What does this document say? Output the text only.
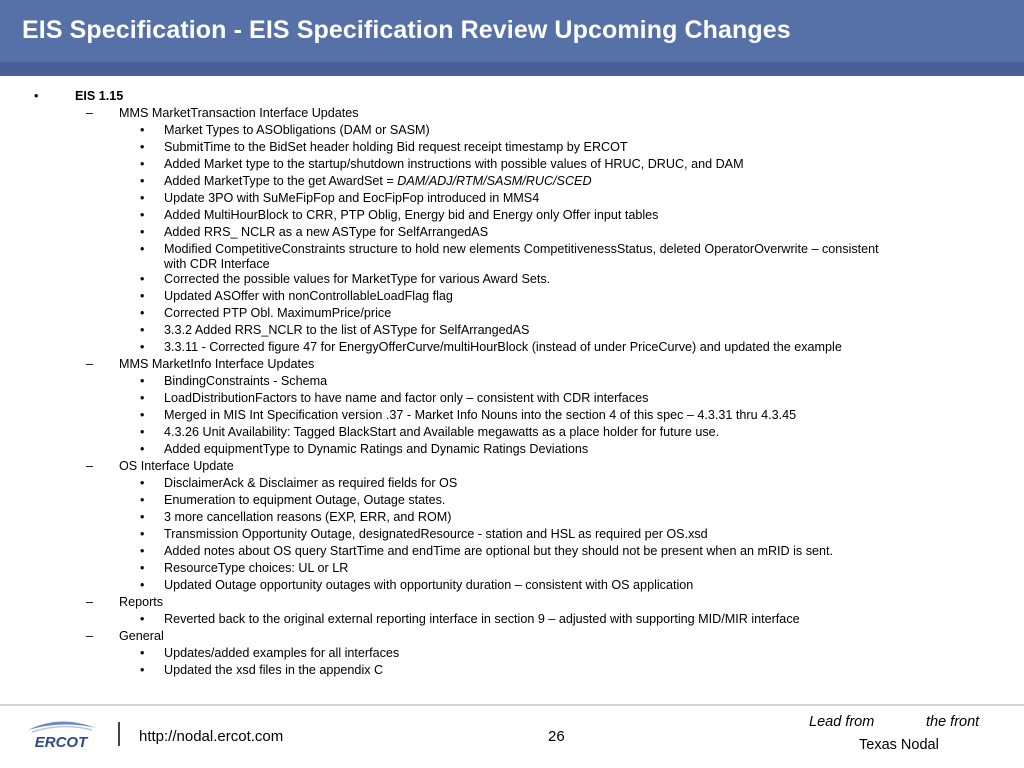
EIS Specification - EIS Specification Review Upcoming Changes
•	EIS 1.15
– MMS MarketTransaction Interface Updates
• Market Types to ASObligations (DAM or SASM)
• SubmitTime to the BidSet header holding Bid request receipt timestamp by ERCOT
• Added Market type to the startup/shutdown instructions with possible values of HRUC, DRUC, and DAM
• Added MarketType to the get AwardSet = DAM/ADJ/RTM/SASM/RUC/SCED
• Update 3PO with SuMeFipFop and EocFipFop introduced in MMS4
• Added MultiHourBlock to CRR, PTP Oblig, Energy bid and Energy only Offer input tables
• Added RRS_ NCLR as a new ASType for SelfArrangedAS
• Modified CompetitiveConstraints structure to hold new elements CompetitivenessStatus, deleted OperatorOverwrite – consistent
with CDR Interface
• Corrected the possible values for MarketType for various Award Sets.
• Updated ASOffer with nonControllableLoadFlag flag
• Corrected PTP Obl. MaximumPrice/price
• 3.3.2 Added RRS_NCLR to the list of ASType for SelfArrangedAS
• 3.3.11 - Corrected figure 47 for EnergyOfferCurve/multiHourBlock (instead of under PriceCurve) and updated the example
– MMS MarketInfo Interface Updates
• BindingConstraints - Schema
• LoadDistributionFactors to have name and factor only – consistent with CDR interfaces
• Merged in MIS Int Specification version .37 - Market Info Nouns into the section 4 of this spec – 4.3.31 thru 4.3.45
• 4.3.26 Unit Availability: Tagged BlackStart and Available megawatts as a place holder for future use.
• Added equipmentType to Dynamic Ratings and Dynamic Ratings Deviations
– OS Interface Update
• DisclaimerAck & Disclaimer as required fields for OS
• Enumeration to equipment Outage, Outage states.
• 3 more cancellation reasons (EXP, ERR, and ROM)
• Transmission Opportunity Outage, designatedResource - station and HSL as required per OS.xsd
• Added notes about OS query StartTime and endTime are optional but they should not be present when an mRID is sent.
• ResourceType choices: UL or LR
• Updated Outage opportunity outages with opportunity duration – consistent with OS application
– Reports
• Reverted back to the original external reporting interface in section 9 – adjusted with supporting MID/MIR interface
– General
• Updates/added examples for all interfaces
• Updated the xsd files in the appendix C
ERCOT	http://nodal.ercot.com	26
Lead from	the front
Texas Nodal
